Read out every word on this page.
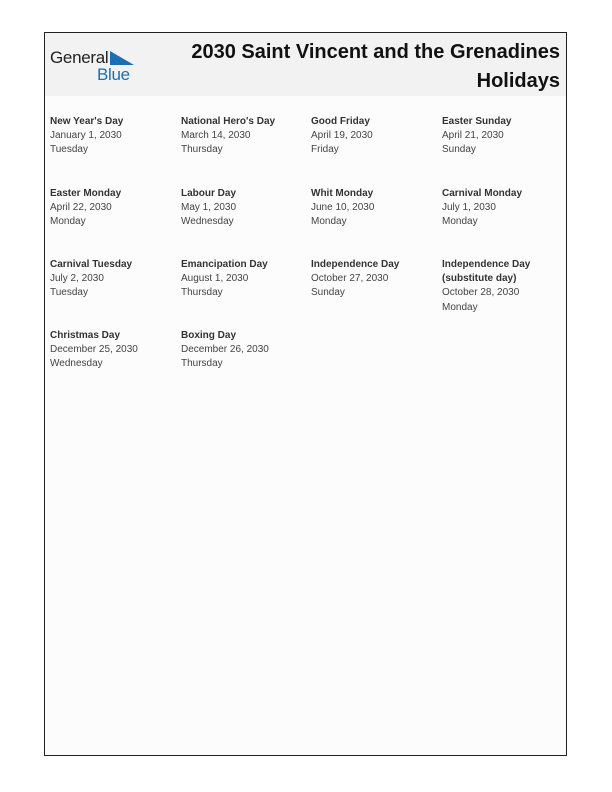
General
Blue
2030 Saint Vincent and the Grenadines Holidays
New Year's Day
January 1, 2030
Tuesday
National Hero's Day
March 14, 2030
Thursday
Good Friday
April 19, 2030
Friday
Easter Sunday
April 21, 2030
Sunday
Easter Monday
April 22, 2030
Monday
Labour Day
May 1, 2030
Wednesday
Whit Monday
June 10, 2030
Monday
Carnival Monday
July 1, 2030
Monday
Carnival Tuesday
July 2, 2030
Tuesday
Emancipation Day
August 1, 2030
Thursday
Independence Day
October 27, 2030
Sunday
Independence Day (substitute day)
October 28, 2030
Monday
Christmas Day
December 25, 2030
Wednesday
Boxing Day
December 26, 2030
Thursday
